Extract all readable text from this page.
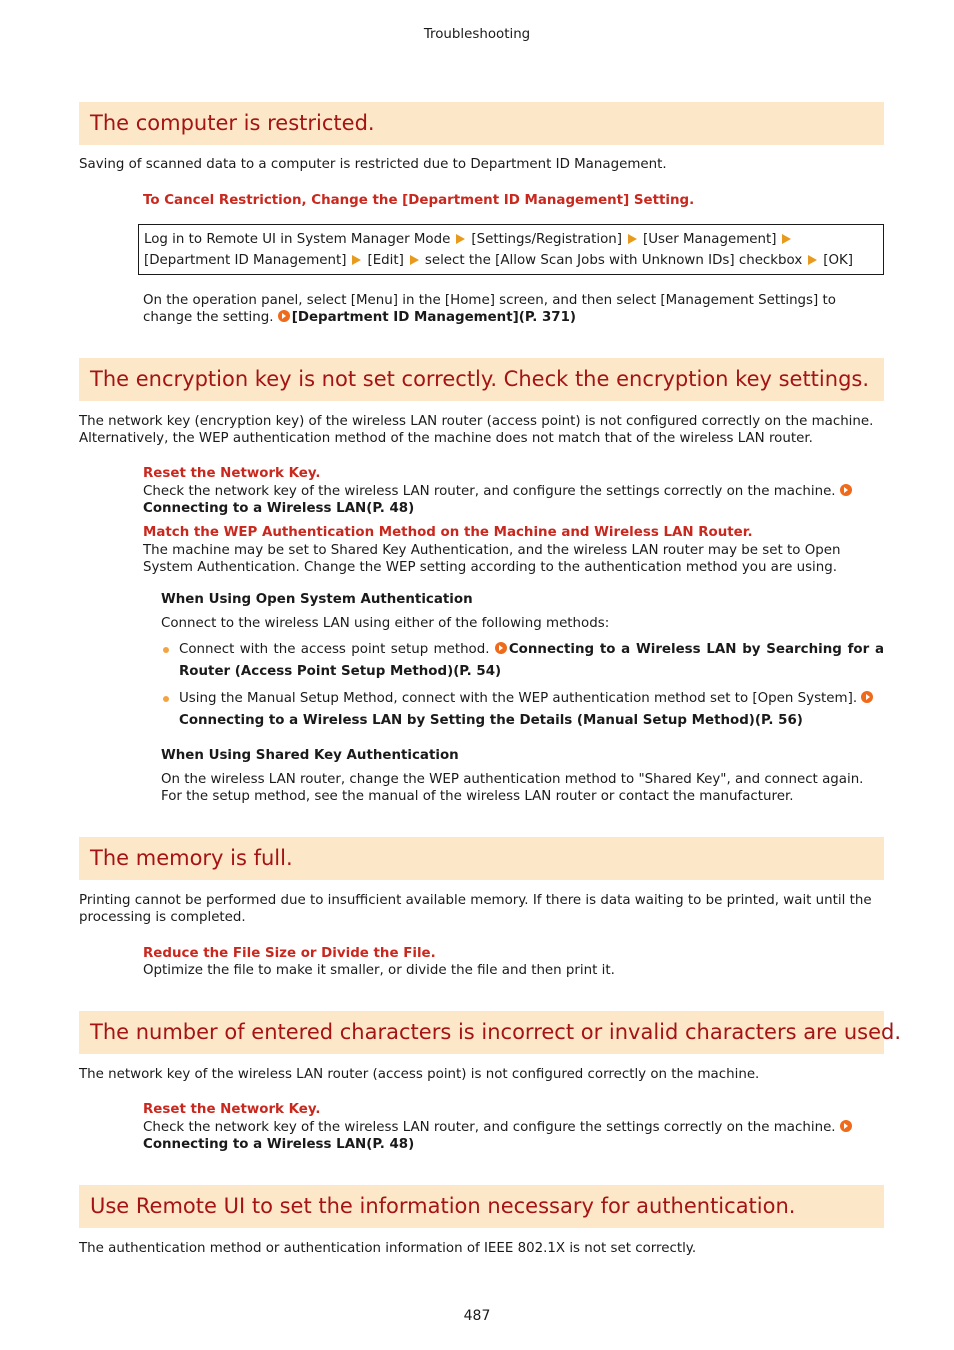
Troubleshooting
The computer is restricted.
Saving of scanned data to a computer is restricted due to Department ID Management.
To Cancel Restriction, Change the [Department ID Management] Setting.
Log in to Remote UI in System Manager Mode [Settings/Registration] [User Management]
[Department ID Management] [Edit] select the [Allow Scan Jobs with Unknown IDs] checkbox [OK]
On the operation panel, select [Menu] in the [Home] screen, and then select [Management Settings] to
change the setting. [Department ID Management](P. 371)
The encryption key is not set correctly. Check the encryption key settings.
The network key (encryption key) of the wireless LAN router (access point) is not configured correctly on the machine.
Alternatively, the WEP authentication method of the machine does not match that of the wireless LAN router.
Reset the Network Key.
Check the network key of the wireless LAN router, and configure the settings correctly on the machine.
Connecting to a Wireless LAN(P. 48)
Match the WEP Authentication Method on the Machine and Wireless LAN Router.
The machine may be set to Shared Key Authentication, and the wireless LAN router may be set to Open
System Authentication. Change the WEP setting according to the authentication method you are using.
When Using Open System Authentication
Connect to the wireless LAN using either of the following methods:
Connect with the access point setup method. Connecting to a Wireless LAN by Searching for a Router (Access Point Setup Method)(P. 54)
Using the Manual Setup Method, connect with the WEP authentication method set to [Open System].
Connecting to a Wireless LAN by Setting the Details (Manual Setup Method)(P. 56)
When Using Shared Key Authentication
On the wireless LAN router, change the WEP authentication method to "Shared Key", and connect again.
For the setup method, see the manual of the wireless LAN router or contact the manufacturer.
The memory is full.
Printing cannot be performed due to insufficient available memory. If there is data waiting to be printed, wait until the
processing is completed.
Reduce the File Size or Divide the File.
Optimize the file to make it smaller, or divide the file and then print it.
The number of entered characters is incorrect or invalid characters are used.
The network key of the wireless LAN router (access point) is not configured correctly on the machine.
Reset the Network Key.
Check the network key of the wireless LAN router, and configure the settings correctly on the machine.
Connecting to a Wireless LAN(P. 48)
Use Remote UI to set the information necessary for authentication.
The authentication method or authentication information of IEEE 802.1X is not set correctly.
487
